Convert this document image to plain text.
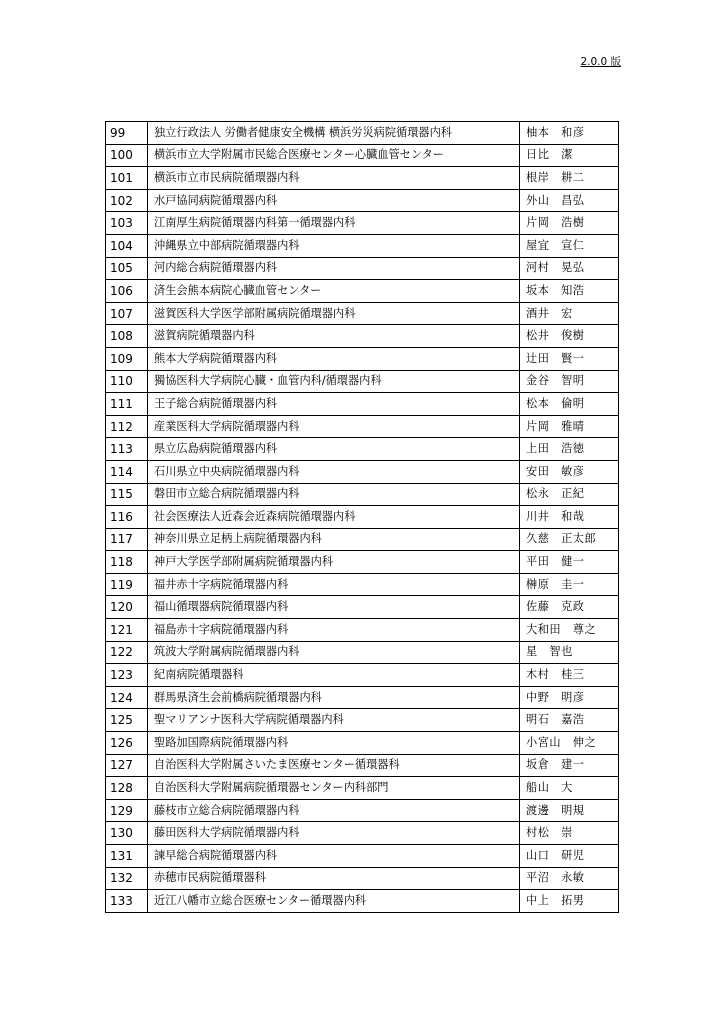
2.0.0 版
99	独立行政法人 労働者健康安全機構 横浜労災病院循環器内科	柚本　和彦
100	横浜市立大学附属市民総合医療センター心臓血管センター	日比　潔
101	横浜市立市民病院循環器内科	根岸　耕二
102	水戸協同病院循環器内科	外山　昌弘
103	江南厚生病院循環器内科第一循環器内科	片岡　浩樹
104	沖縄県立中部病院循環器内科	屋宜　宣仁
105	河内総合病院循環器内科	河村　晃弘
106	済生会熊本病院心臓血管センター	坂本　知浩
107	滋賀医科大学医学部附属病院循環器内科	酒井　宏
108	滋賀病院循環器内科	松井　俊樹
109	熊本大学病院循環器内科	辻田　賢一
110	獨協医科大学病院心臓・血管内科/循環器内科	金谷　智明
111	王子総合病院循環器内科	松本　倫明
112	産業医科大学病院循環器内科	片岡　雅晴
113	県立広島病院循環器内科	上田　浩徳
114	石川県立中央病院循環器内科	安田　敏彦
115	磐田市立総合病院循環器内科	松永　正紀
116	社会医療法人近森会近森病院循環器内科	川井　和哉
117	神奈川県立足柄上病院循環器内科	久慈　正太郎
118	神戸大学医学部附属病院循環器内科	平田　健一
119	福井赤十字病院循環器内科	榊原　圭一
120	福山循環器病院循環器内科	佐藤　克政
121	福島赤十字病院循環器内科	大和田　尊之
122	筑波大学附属病院循環器内科	星　智也
123	紀南病院循環器科	木村　桂三
124	群馬県済生会前橋病院循環器内科	中野　明彦
125	聖マリアンナ医科大学病院循環器内科	明石　嘉浩
126	聖路加国際病院循環器内科	小宮山　伸之
127	自治医科大学附属さいたま医療センター循環器科	坂倉　建一
128	自治医科大学附属病院循環器センター内科部門	船山　大
129	藤枝市立総合病院循環器内科	渡邊　明規
130	藤田医科大学病院循環器内科	村松　崇
131	諫早総合病院循環器内科	山口　研児
132	赤穂市民病院循環器科	平沼　永敏
133	近江八幡市立総合医療センター循環器内科	中上　拓男
